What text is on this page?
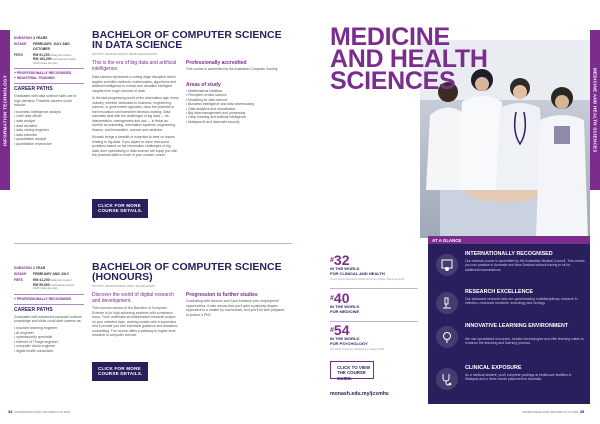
INFORMATION TECHNOLOGY
DURATION 3 YEARS
INTAKE	FEBRUARY, JULY AND
OCTOBER
FEES	RM 91,200 Malaysian student
RM 163,200 International student
(2025 intake fee rate)
+ PROFESSIONALLY RECOGNISED
+ INDUSTRIAL TRAINING
CAREER PATHS
Graduates with data science skills are in high-demand. Possible careers could include:
• business intelligence analyst
• chief data officer
• data analyst
• data architect
• data mining engineer
• data scientist
• quantitative analyst
• quantitative researcher
BACHELOR OF COMPUTER SCIENCE
IN DATA SCIENCE
KPT/JPT (R2/0481/6/0027) 08/28 MQA/PA15005
This is the era of big data and artificial intelligence.

Data science represents a cutting-edge discipline which applies scientific methods, mathematics, algorithms and artificial intelligence to extract and visualise intelligent insights from huge volumes of data.

In the fast-progressing world of the information age, every industry, whether dedicated to business, engineering, science, or government agencies, have the potential to fuel innovation and transform decision-making. Data scientists deal with the challenges of big data — its interpretation, management and use — in fields as diverse as marketing, information systems, engineering, finance, and humanities, science and medicine.

Monash brings a breadth of expertise to bear on issues relating to big data. If you aspire to solve real-world problems based on the information challenges of big data, then specialising in data science will equip you with the practical skills to excel in your chosen career.

Professionally accredited
This course is accredited by the Australian Computer Society.
Areas of study
• Mathematical statistics
• Principles of data science
• Modelling for data science
• Business intelligence and data warehousing
• Data analytics and visualisation
• Big data management and processing
• Deep learning and artificial intelligence
• Malaysia AI and data safe security
CLICK FOR MORE COURSE DETAILS.
DURATION 1 YEAR
INTAKE	FEBRUARY AND JULY
FEES	RM 41,200 Malaysian student
RM 55,500 International student
(2025 intake fee rate)
+ PROFESSIONALLY RECOGNISED
CAREER PATHS
Graduates with advanced computer science knowledge and skills could start careers as:
• machine learning engineer
• AI engineer
• cybersecurity specialist
• Internet of Things engineer
• computer vision engineer
• digital health consultant.
BACHELOR OF COMPUTER SCIENCE
(HONOURS)
KPT/JPT (R/0481/6/0004) 09/27 MQA/FA10057
Discover the world of digital research and development.

This honours version of the Bachelor of Computer Science is for high achieving students with a research focus. You'll undertake an independent research project on your selected topic, working closely with a supervisor who'll provide you with individual guidance and academic counselling. The course offers a pathway to higher level research in computer science.

Progression to further studies
Graduating with honours won't just enhance your employment opportunities, it also means that you'll gain a pathway degree equivalent to a master by coursework, and you'll be well prepared to pursue a PhD.
CLICK FOR MORE COURSE DETAILS.
34 UNDERGRADUATE PROSPECTUS 2025
MEDICINE AND HEALTH SCIENCES
MEDICINE
AND HEALTH
SCIENCES
#32
IN THE WORLD
FOR CLINICAL AND HEALTH
Times Higher Education World University Subject Rankings 2025
#40
IN THE WORLD
FOR MEDICINE
#54
IN THE WORLD
FOR PSYCHOLOGY
QS World University Rankings by Subject 2024
CLICK TO VIEW THE COURSE GUIDE.
monash.edu.my/jcsmhs
AT A GLANCE
INTERNATIONALLY RECOGNISED
Our medical course is accredited by the Australian Medical Council. This means you can practise in Australia and New Zealand without having to sit for additional examinations.
RESEARCH EXCELLENCE
Our advanced research labs are spearheading multidisciplinary research in infection, molecular medicine, toxicology and virology.
INNOVATIVE LEARNING ENVIRONMENT
We use specialised resources, modern technologies and elite learning suites to enhance the teaching and learning process.
CLINICAL EXPOSURE
As a medical student, you'll complete postings at healthcare facilities in Malaysia and a three-month placement in Australia.
UNDERGRADUATE PROSPECTUS 2025 35
